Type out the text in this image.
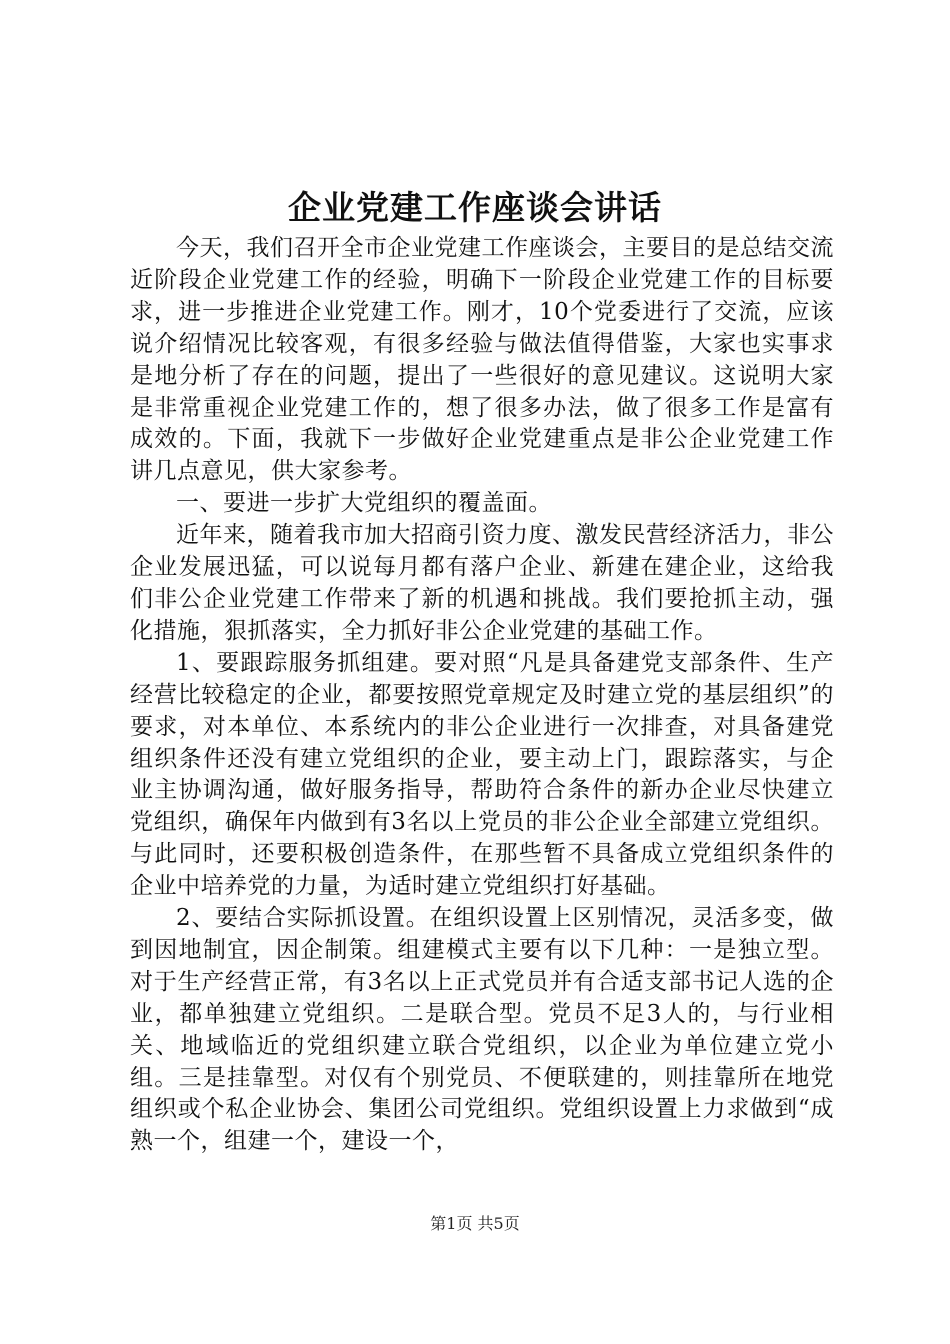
企业党建工作座谈会讲话

今天，我们召开全市企业党建工作座谈会，主要目的是总结交流近阶段企业党建工作的经验，明确下一阶段企业党建工作的目标要求，进一步推进企业党建工作。刚才，10个党委进行了交流，应该说介绍情况比较客观，有很多经验与做法值得借鉴，大家也实事求是地分析了存在的问题，提出了一些很好的意见建议。这说明大家是非常重视企业党建工作的，想了很多办法，做了很多工作是富有成效的。下面，我就下一步做好企业党建重点是非公企业党建工作讲几点意见，供大家参考。

一、要进一步扩大党组织的覆盖面。

近年来，随着我市加大招商引资力度、激发民营经济活力，非公企业发展迅猛，可以说每月都有落户企业、新建在建企业，这给我们非公企业党建工作带来了新的机遇和挑战。我们要抢抓主动，强化措施，狠抓落实，全力抓好非公企业党建的基础工作。

1、要跟踪服务抓组建。要对照“凡是具备建党支部条件、生产经营比较稳定的企业，都要按照党章规定及时建立党的基层组织”的要求，对本单位、本系统内的非公企业进行一次排查，对具备建党组织条件还没有建立党组织的企业，要主动上门，跟踪落实，与企业主协调沟通，做好服务指导，帮助符合条件的新办企业尽快建立党组织，确保年内做到有3名以上党员的非公企业全部建立党组织。与此同时，还要积极创造条件，在那些暂不具备成立党组织条件的企业中培养党的力量，为适时建立党组织打好基础。

2、要结合实际抓设置。在组织设置上区别情况，灵活多变，做到因地制宜，因企制策。组建模式主要有以下几种：一是独立型。对于生产经营正常，有3名以上正式党员并有合适支部书记人选的企业，都单独建立党组织。二是联合型。党员不足3人的，与行业相关、地域临近的党组织建立联合党组织，以企业为单位建立党小组。三是挂靠型。对仅有个别党员、不便联建的，则挂靠所在地党组织或个私企业协会、集团公司党组织。党组织设置上力求做到“成熟一个，组建一个，建设一个，

第1页 共5页
